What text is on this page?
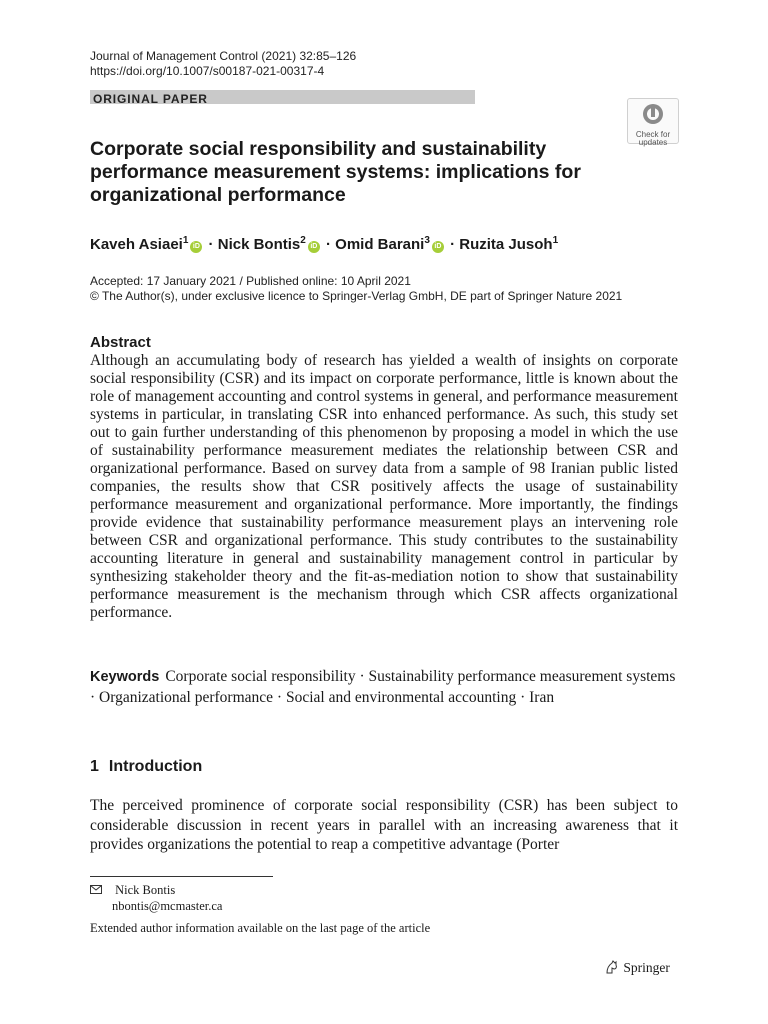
Journal of Management Control (2021) 32:85–126
https://doi.org/10.1007/s00187-021-00317-4
ORIGINAL PAPER
Check for
updates
Corporate social responsibility and sustainability performance measurement systems: implications for organizational performance
Kaveh Asiaei$^1$iD · Nick Bontis$^2$iD · Omid Barani$^3$iD · Ruzita Jusoh$^1$
Accepted: 17 January 2021 / Published online: 10 April 2021
© The Author(s), under exclusive licence to Springer-Verlag GmbH, DE part of Springer Nature 2021
Abstract
Although an accumulating body of research has yielded a wealth of insights on corporate social responsibility (CSR) and its impact on corporate performance, little is known about the role of management accounting and control systems in general, and performance measurement systems in particular, in translating CSR into enhanced performance. As such, this study set out to gain further understanding of this phenomenon by proposing a model in which the use of sustainability performance measurement mediates the relationship between CSR and organizational performance. Based on survey data from a sample of 98 Iranian public listed companies, the results show that CSR positively affects the usage of sustainability performance measurement and organizational performance. More importantly, the findings provide evidence that sustainability performance measurement plays an intervening role between CSR and organizational performance. This study contributes to the sustainability accounting literature in general and sustainability management control in particular by synthesizing stakeholder theory and the fit-as-mediation notion to show that sustainability performance measurement is the mechanism through which CSR affects organizational performance.
Keywords Corporate social responsibility · Sustainability performance measurement systems · Organizational performance · Social and environmental accounting · Iran
1 Introduction
The perceived prominence of corporate social responsibility (CSR) has been subject to considerable discussion in recent years in parallel with an increasing awareness that it provides organizations the potential to reap a competitive advantage (Porter
Nick Bontis
nbontis@mcmaster.ca
Extended author information available on the last page of the article
Springer
